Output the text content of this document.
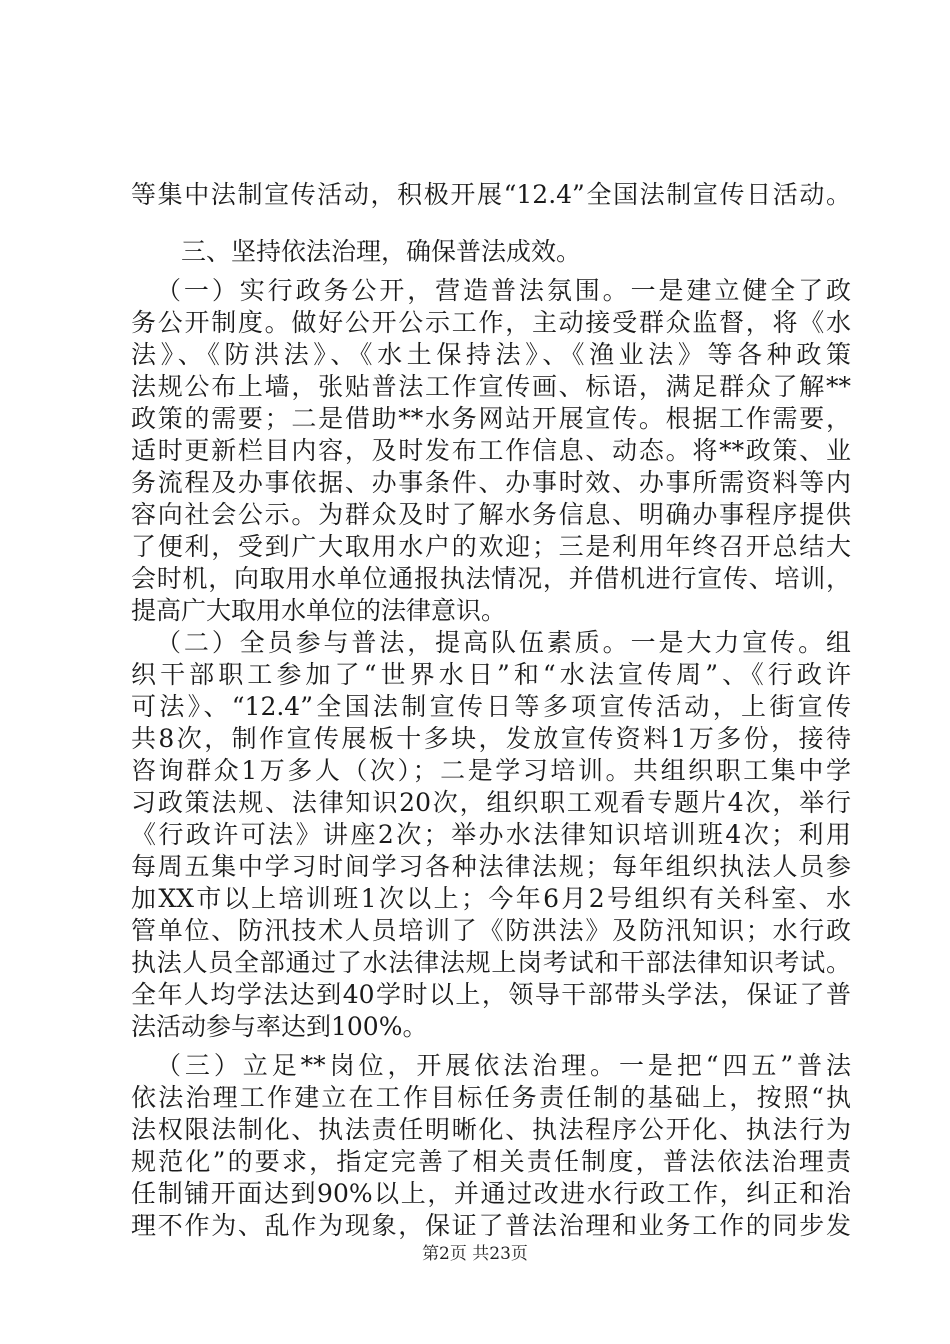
等集中法制宣传活动，积极开展“12.4”全国法制宣传日活动。
三、坚持依法治理，确保普法成效。
（一）实行政务公开，营造普法氛围。一是建立健全了政
务公开制度。做好公开公示工作，主动接受群众监督，将《水
法》、《防洪法》、《水土保持法》、《渔业法》等各种政策
法规公布上墙，张贴普法工作宣传画、标语，满足群众了解**
政策的需要；二是借助**水务网站开展宣传。根据工作需要，
适时更新栏目内容，及时发布工作信息、动态。将**政策、业
务流程及办事依据、办事条件、办事时效、办事所需资料等内
容向社会公示。为群众及时了解水务信息、明确办事程序提供
了便利，受到广大取用水户的欢迎；三是利用年终召开总结大
会时机，向取用水单位通报执法情况，并借机进行宣传、培训，
提高广大取用水单位的法律意识。
（二）全员参与普法，提高队伍素质。一是大力宣传。组
织干部职工参加了“世界水日”和“水法宣传周”、《行政许
可法》、“12.4”全国法制宣传日等多项宣传活动，上街宣传
共8次，制作宣传展板十多块，发放宣传资料1万多份，接待
咨询群众1万多人（次）；二是学习培训。共组织职工集中学
习政策法规、法律知识20次，组织职工观看专题片4次，举行
《行政许可法》讲座2次；举办水法律知识培训班4次；利用
每周五集中学习时间学习各种法律法规；每年组织执法人员参
加XX市以上培训班1次以上；今年6月2号组织有关科室、水
管单位、防汛技术人员培训了《防洪法》及防汛知识；水行政
执法人员全部通过了水法律法规上岗考试和干部法律知识考试。
全年人均学法达到40学时以上，领导干部带头学法，保证了普
法活动参与率达到100%。
（三）立足**岗位，开展依法治理。一是把“四五”普法
依法治理工作建立在工作目标任务责任制的基础上，按照“执
法权限法制化、执法责任明晰化、执法程序公开化、执法行为
规范化”的要求，指定完善了相关责任制度，普法依法治理责
任制铺开面达到90%以上，并通过改进水行政工作，纠正和治
理不作为、乱作为现象，保证了普法治理和业务工作的同步发
第2页 共23页
